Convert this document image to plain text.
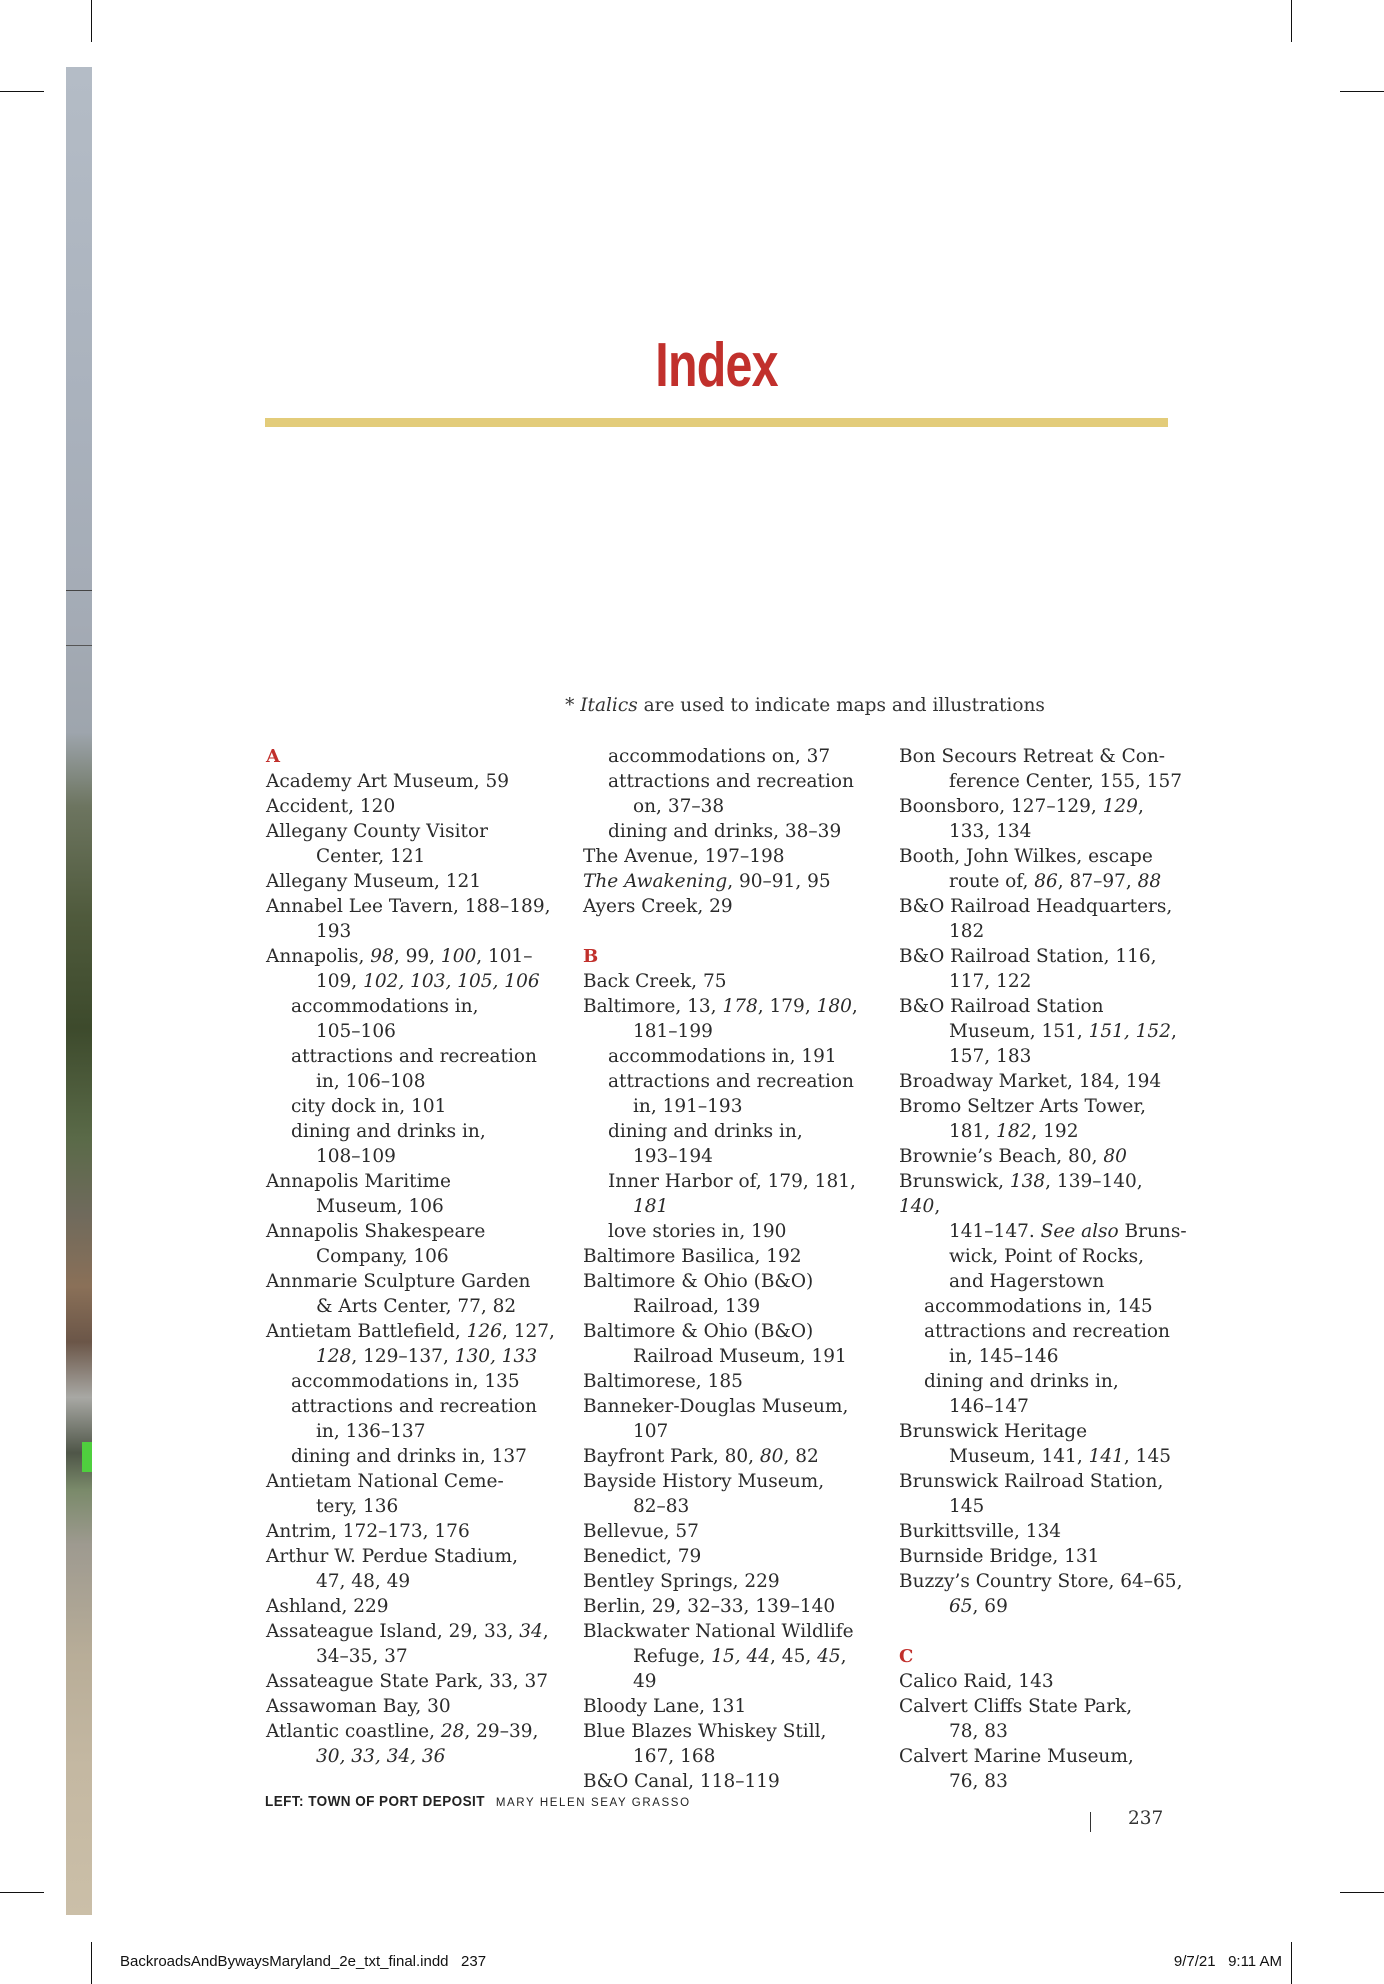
Index
* Italics are used to indicate maps and illustrations
A
Academy Art Museum, 59
Accident, 120
Allegany County Visitor
Center, 121
Allegany Museum, 121
Annabel Lee Tavern, 188–189,
193
Annapolis, 98, 99, 100, 101–
109, 102, 103, 105, 106
accommodations in,
105–106
attractions and recreation
in, 106–108
city dock in, 101
dining and drinks in,
108–109
Annapolis Maritime
Museum, 106
Annapolis Shakespeare
Company, 106
Annmarie Sculpture Garden
& Arts Center, 77, 82
Antietam Battlefield, 126, 127,
128, 129–137, 130, 133
accommodations in, 135
attractions and recreation
in, 136–137
dining and drinks in, 137
Antietam National Ceme-
tery, 136
Antrim, 172–173, 176
Arthur W. Perdue Stadium,
47, 48, 49
Ashland, 229
Assateague Island, 29, 33, 34,
34–35, 37
Assateague State Park, 33, 37
Assawoman Bay, 30
Atlantic coastline, 28, 29–39,
30, 33, 34, 36
accommodations on, 37
attractions and recreation
on, 37–38
dining and drinks, 38–39
The Avenue, 197–198
The Awakening, 90–91, 95
Ayers Creek, 29
B
Back Creek, 75
Baltimore, 13, 178, 179, 180,
181–199
accommodations in, 191
attractions and recreation
in, 191–193
dining and drinks in,
193–194
Inner Harbor of, 179, 181,
181
love stories in, 190
Baltimore Basilica, 192
Baltimore & Ohio (B&O)
Railroad, 139
Baltimore & Ohio (B&O)
Railroad Museum, 191
Baltimorese, 185
Banneker-Douglas Museum,
107
Bayfront Park, 80, 80, 82
Bayside History Museum,
82–83
Bellevue, 57
Benedict, 79
Bentley Springs, 229
Berlin, 29, 32–33, 139–140
Blackwater National Wildlife
Refuge, 15, 44, 45, 45, 49
Bloody Lane, 131
Blue Blazes Whiskey Still,
167, 168
B&O Canal, 118–119
Bon Secours Retreat & Con-
ference Center, 155, 157
Boonsboro, 127–129, 129,
133, 134
Booth, John Wilkes, escape
route of, 86, 87–97, 88
B&O Railroad Headquarters,
182
B&O Railroad Station, 116,
117, 122
B&O Railroad Station
Museum, 151, 151, 152,
157, 183
Broadway Market, 184, 194
Bromo Seltzer Arts Tower,
181, 182, 192
Brownie’s Beach, 80, 80
Brunswick, 138, 139–140, 140,
141–147. See also Bruns-
wick, Point of Rocks,
and Hagerstown
accommodations in, 145
attractions and recreation
in, 145–146
dining and drinks in,
146–147
Brunswick Heritage
Museum, 141, 141, 145
Brunswick Railroad Station,
145
Burkittsville, 134
Burnside Bridge, 131
Buzzy’s Country Store, 64–65,
65, 69
C
Calico Raid, 143
Calvert Cliffs State Park,
78, 83
Calvert Marine Museum,
76, 83
LEFT: TOWN OF PORT DEPOSIT MARY HELEN SEAY GRASSO
237
BackroadsAndBywaysMaryland_2e_txt_final.indd   237	9/7/21   9:11 AM
